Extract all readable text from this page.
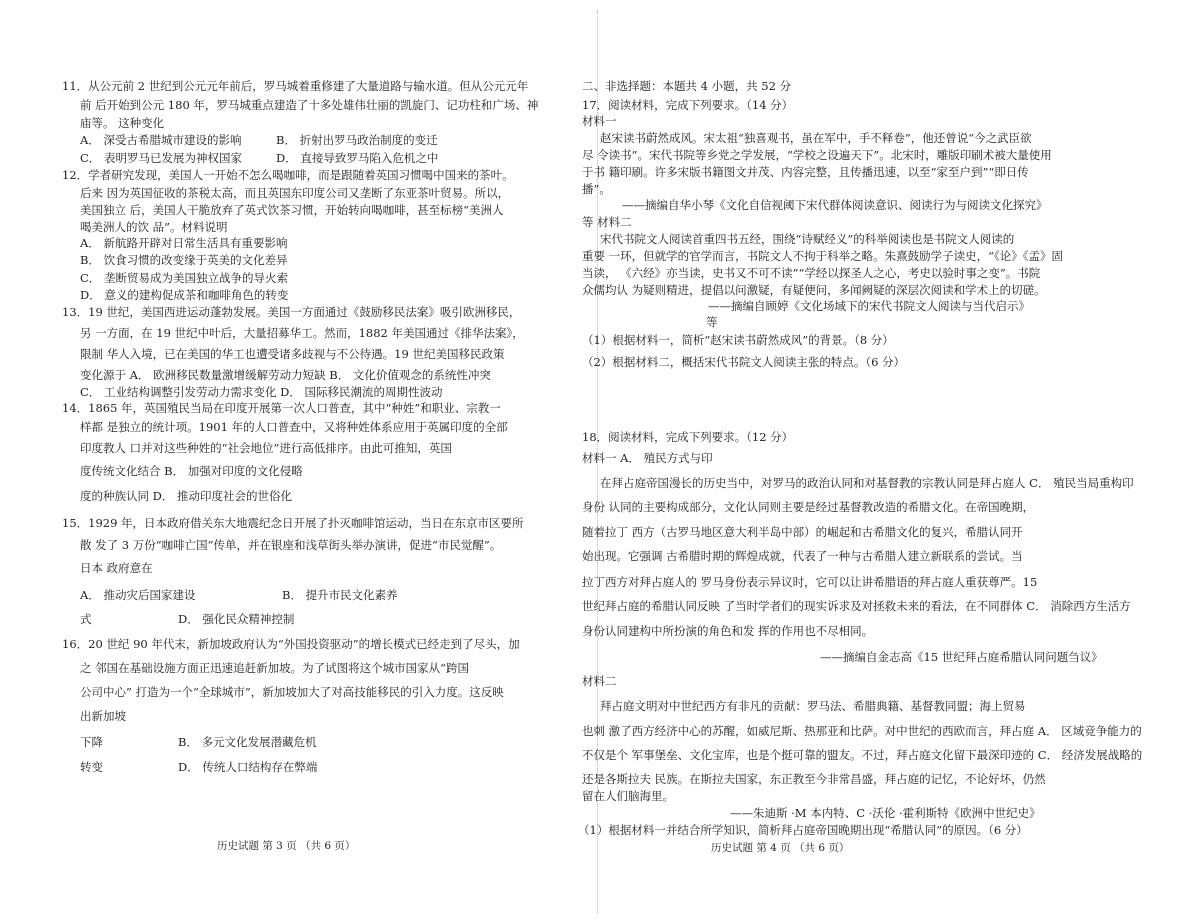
11．从公元前 2 世纪到公元元年前后，罗马城着重修建了大量道路与输水道。但从公元元年
前 后开始到公元 180 年，罗马城重点建造了十多处雄伟壮丽的凯旋门、记功柱和广场、神
庙等。 这种变化
A． 深受古希腊城市建设的影响	B． 折射出罗马政治制度的变迁
C． 表明罗马已发展为神权国家	D． 直接导致罗马陷入危机之中
12．学者研究发现，美国人一开始不怎么喝咖啡，而是跟随着英国习惯喝中国来的茶叶。
后来 因为英国征收的茶税太高，而且英国东印度公司又垄断了东亚茶叶贸易。所以，
美国独立 后，美国人干脆放弃了英式饮茶习惯，开始转向喝咖啡，甚至标榜“美洲人
喝美洲人的饮 品”。材料说明
A． 新航路开辟对日常生活具有重要影响
B． 饮食习惯的改变缘于英美的文化差异
C． 垄断贸易成为美国独立战争的导火索
D． 意义的建构促成茶和咖啡角色的转变
13．19 世纪，美国西进运动蓬勃发展。美国一方面通过《鼓励移民法案》吸引欧洲移民，
另 一方面，在 19 世纪中叶后，大量招募华工。然而，1882 年美国通过《排华法案》，
限制 华人入境，已在美国的华工也遭受诸多歧视与不公待遇。19 世纪美国移民政策
变化源于 A． 欧洲移民数量激增缓解劳动力短缺 B． 文化价值观念的系统性冲突
C． 工业结构调整引发劳动力需求变化 D． 国际移民潮流的周期性波动
14．1865 年，英国殖民当局在印度开展第一次人口普查，其中“种姓”和职业、宗教一
样都 是独立的统计项。1901 年的人口普查中，又将种姓体系应用于英属印度的全部
印度教人 口并对这些种姓的“社会地位”进行高低排序。由此可推知，英国
度传统文化结合 B． 加强对印度的文化侵略
度的种族认同 D． 推动印度社会的世俗化
15．1929 年，日本政府借关东大地震纪念日开展了扑灭咖啡馆运动，当日在东京市区要所
散 发了 3 万份“咖啡亡国”传单，并在银座和浅草街头举办演讲，促进“市民觉醒”。
日本 政府意在
A． 推动灾后国家建设	B． 提升市民文化素养
式	D． 强化民众精神控制
16．20 世纪 90 年代末，新加坡政府认为“外国投资驱动”的增长模式已经走到了尽头，加
之 邻国在基础设施方面正迅速追赶新加坡。为了试图将这个城市国家从“跨国
公司中心” 打造为一个“全球城市”，新加坡加大了对高技能移民的引入力度。这反映
出新加坡
下降	B． 多元文化发展潜藏危机
转变	D． 传统人口结构存在弊端
历史试题 第 3 页 （共 6 页）
二、非选择题：本题共 4 小题，共 52 分
17．阅读材料，完成下列要求。（14 分）
材料一
赵宋读书蔚然成风。宋太祖“独喜观书，虽在军中，手不释卷”，他还曾说“今之武臣欲
尽 令读书”。宋代书院等乡党之学发展，“学校之设遍天下”。北宋时，雕版印刷术被大量使用
于书 籍印刷。许多宋版书籍图文并茂、内容完整，且传播迅速，以至“家至户到”“即日传
播”。
——摘编自华小琴《文化自信视阈下宋代群体阅读意识、阅读行为与阅读文化探究》
等 材料二
宋代书院文人阅读首重四书五经，围绕“诗赋经义”的科举阅读也是书院文人阅读的
重要 一环，但就学的官学而言，书院文人不拘于科举之略。朱熹鼓励学子读史，“《论》《孟》固
当读， 《六经》亦当读，史书又不可不读”“学经以探圣人之心，考史以验时事之变”。书院
众儒均认 为疑则精进，提倡以问激疑，有疑便问，多闻阙疑的深层次阅读和学术上的切磋。
——摘编自顾婷《文化场域下的宋代书院文人阅读与当代启示》
等
（1）根据材料一，简析“赵宋读书蔚然成风”的背景。（8 分）
（2）根据材料二，概括宋代书院文人阅读主张的特点。（6 分）
18．阅读材料，完成下列要求。（12 分）
材料一 A． 殖民方式与印
在拜占庭帝国漫长的历史当中，对罗马的政治认同和对基督教的宗教认同是拜占庭人 C． 殖民当局重构印
身份 认同的主要构成部分，文化认同则主要是经过基督教改造的希腊文化。在帝国晚期，
随着拉丁 西方（古罗马地区意大利半岛中部）的崛起和古希腊文化的复兴，希腊认同开
始出现。它强调 古希腊时期的辉煌成就，代表了一种与古希腊人建立新联系的尝试。当
拉丁西方对拜占庭人的 罗马身份表示异议时，它可以让讲希腊语的拜占庭人重获尊严。15
世纪拜占庭的希腊认同反映 了当时学者们的现实诉求及对拯救未来的看法，在不同群体 C． 消除西方生活方
身份认同建构中所扮演的角色和发 挥的作用也不尽相同。
——摘编自金志高《15 世纪拜占庭希腊认同问题刍议》
材料二
拜占庭文明对中世纪西方有非凡的贡献：罗马法、希腊典籍、基督教同盟；海上贸易
也刺 激了西方经济中心的苏醒，如威尼斯、热那亚和比萨。对中世纪的西欧而言，拜占庭 A． 区域竞争能力的
不仅是个 军事堡垒、文化宝库，也是个挺可靠的盟友。不过，拜占庭文化留下最深印迹的 C． 经济发展战略的
还是各斯拉夫 民族。在斯拉夫国家，东正教至今非常昌盛，拜占庭的记忆，不论好坏，仍然
留在人们脑海里。
——朱迪斯 ·M 本内特、C ·沃伦 ·霍利斯特《欧洲中世纪史》
（1）根据材料一并结合所学知识，简析拜占庭帝国晚期出现“希腊认同”的原因。（6 分）
历史试题 第 4 页 （共 6 页）
